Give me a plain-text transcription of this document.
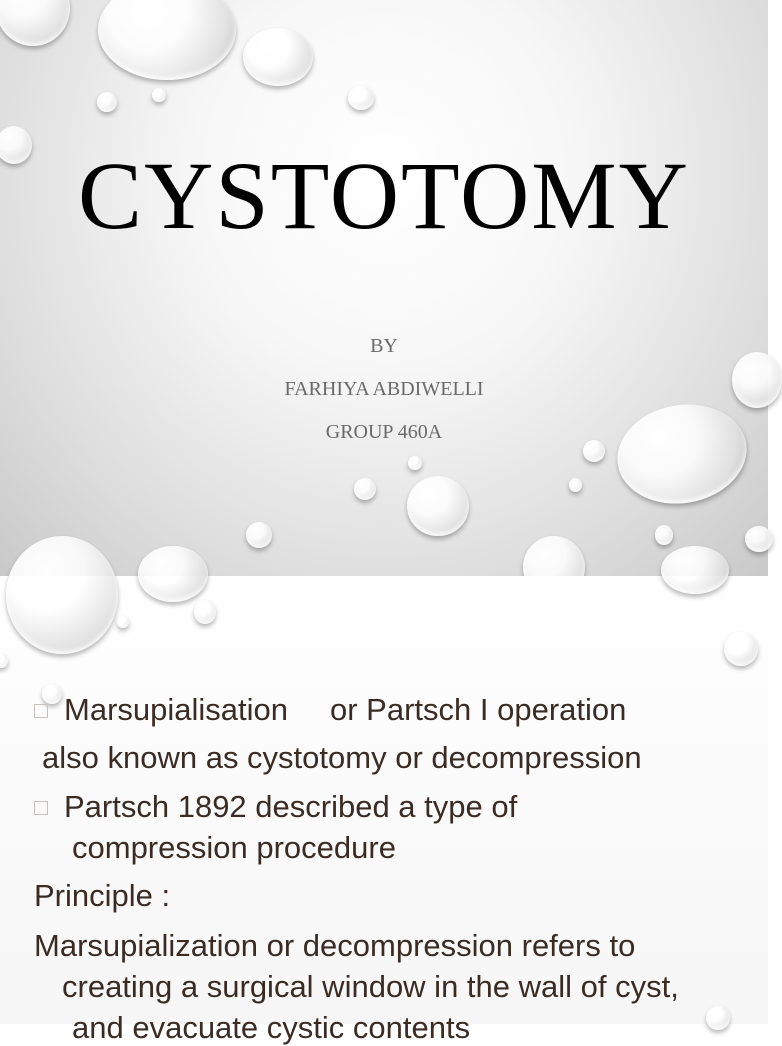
CYSTOTOMY
BY
FARHIYA ABDIWELLI
GROUP 460A
Marsupialisation or Partsch I operation
also known as cystotomy or decompression
Partsch 1892 described a type of
compression procedure
Principle :
Marsupialization or decompression refers to
creating a surgical window in the wall of cyst,
and evacuate cystic contents
